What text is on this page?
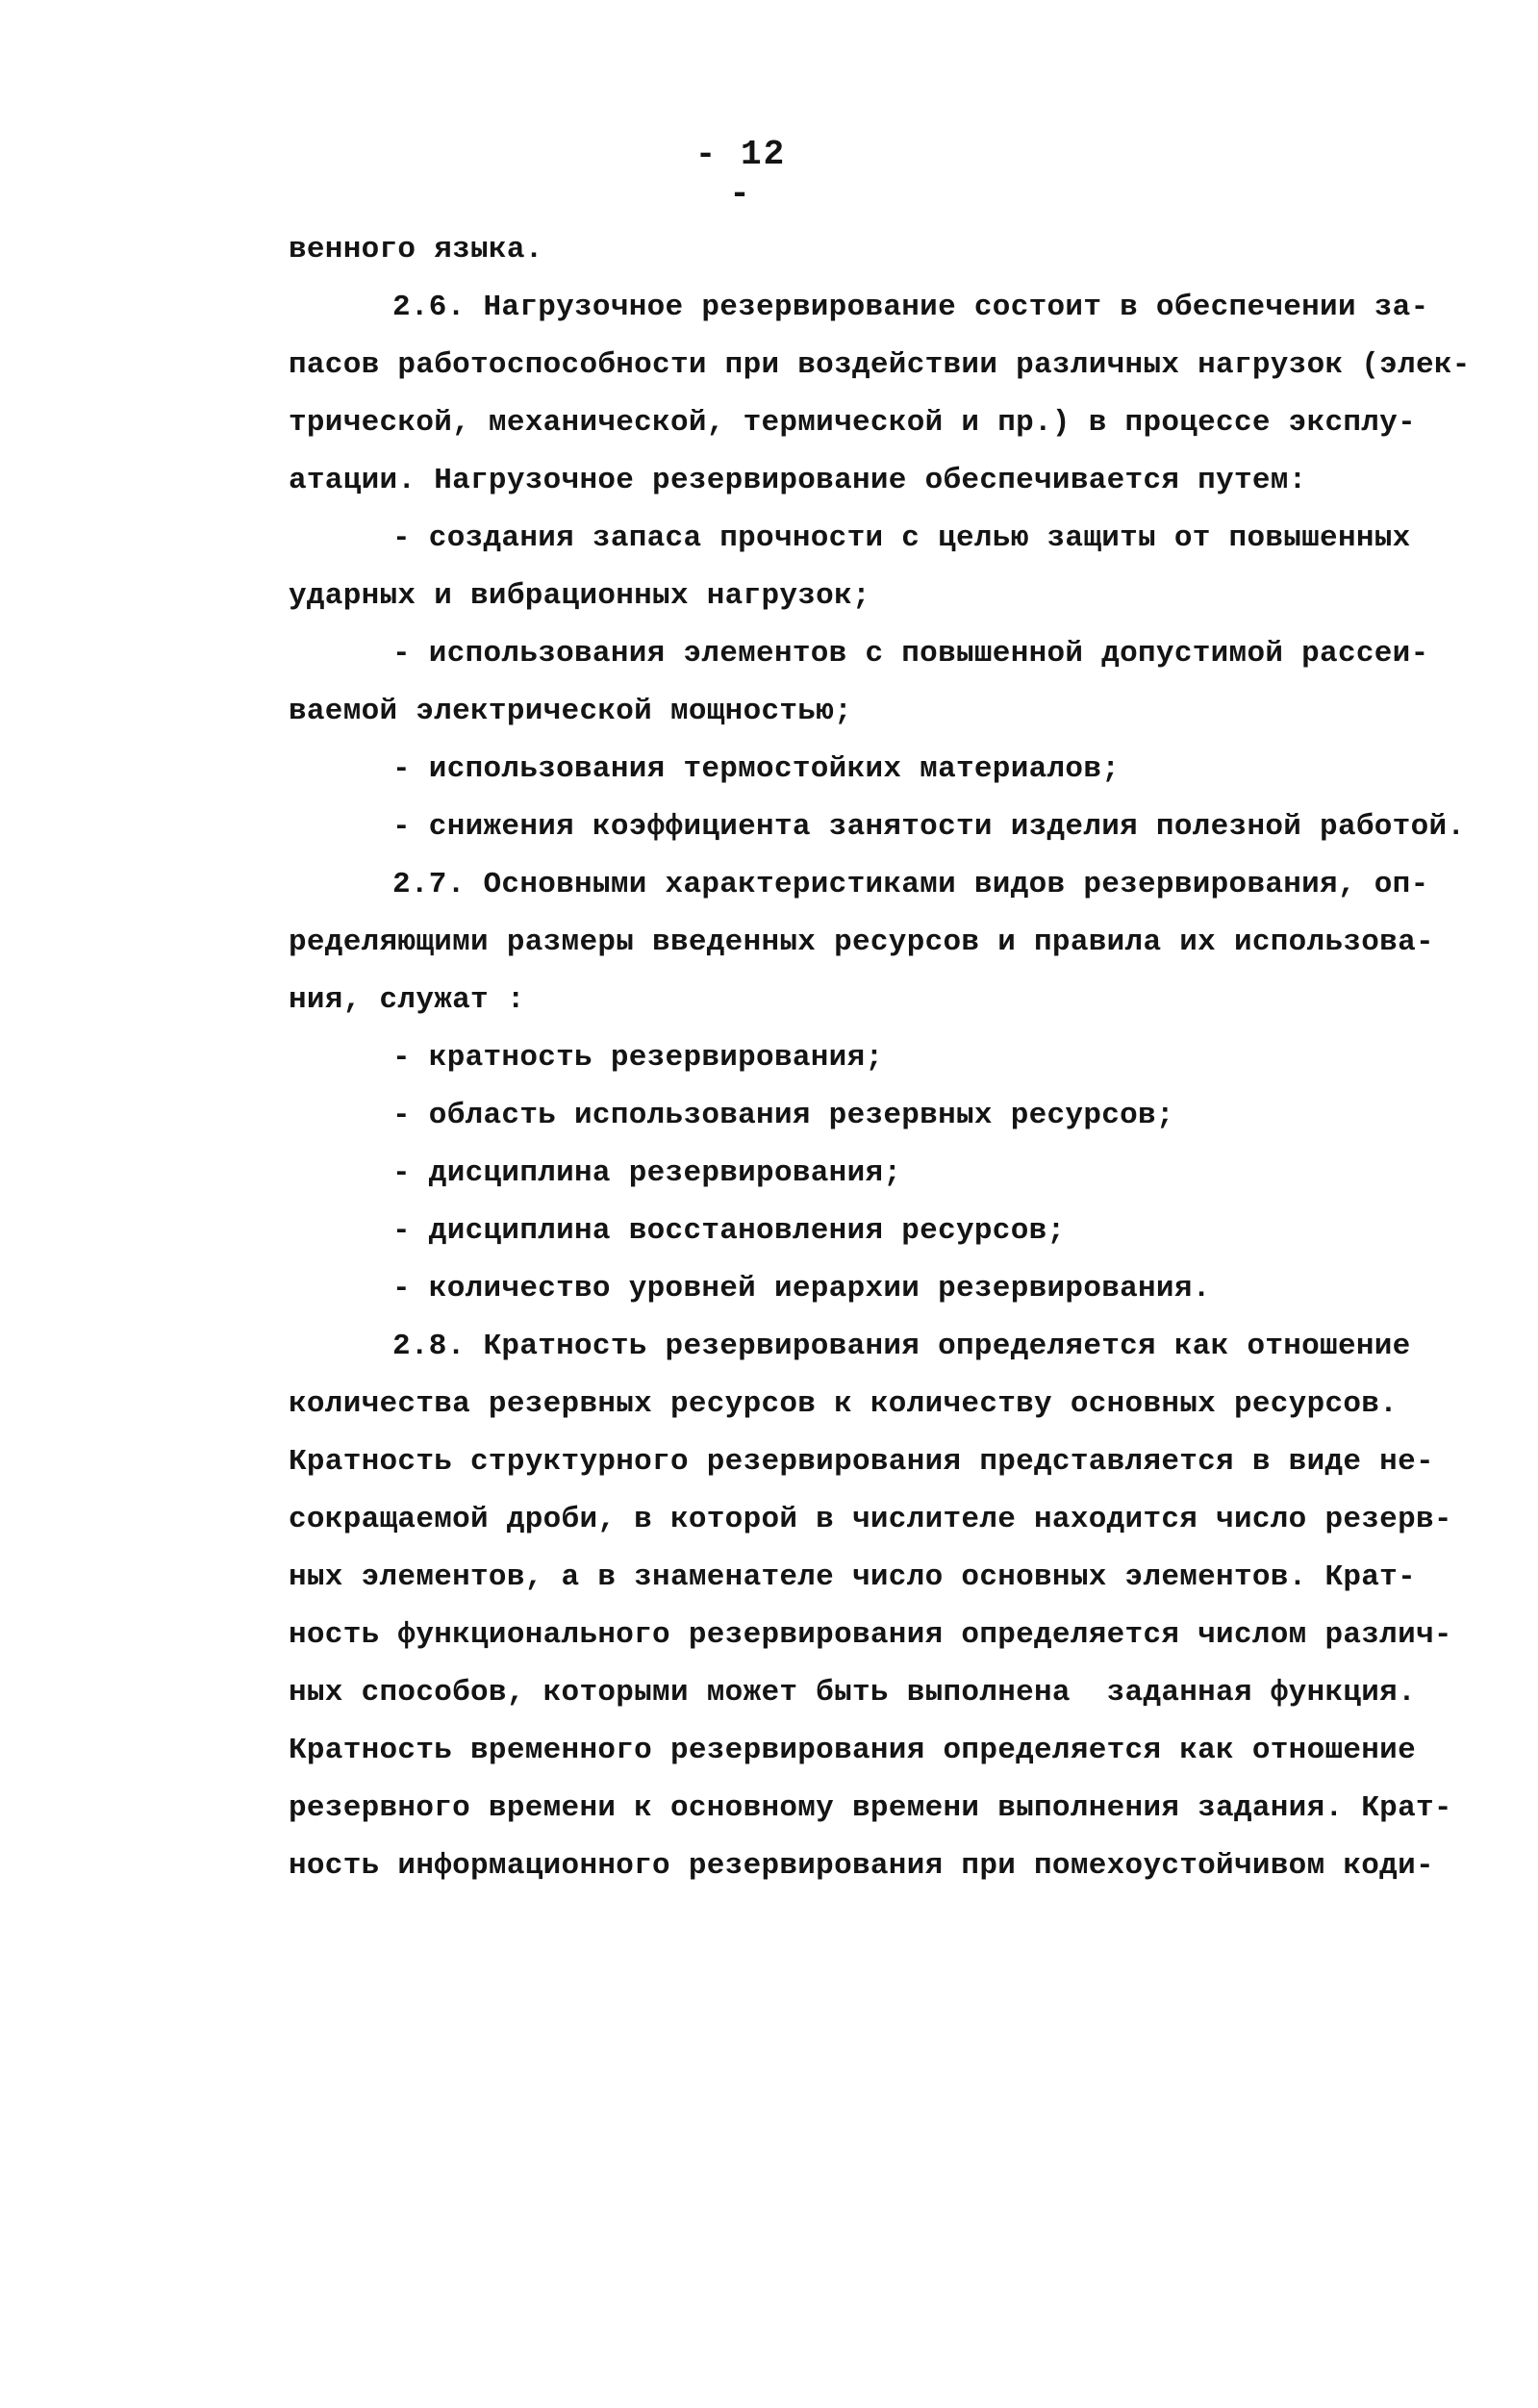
- 12 -
венного языка.
2.6. Нагрузочное резервирование состоит в обеспечении за-
пасов работоспособности при воздействии различных нагрузок (элек-
трической, механической, термической и пр.) в процессе эксплу-
атации. Нагрузочное резервирование обеспечивается путем:
- создания запаса прочности с целью защиты от повышенных
ударных и вибрационных нагрузок;
- использования элементов с повышенной допустимой рассеи-
ваемой электрической мощностью;
- использования термостойких материалов;
- снижения коэффициента занятости изделия полезной работой.
2.7. Основными характеристиками видов резервирования, оп-
ределяющими размеры введенных ресурсов и правила их использова-
ния, служат :
- кратность резервирования;
- область использования резервных ресурсов;
- дисциплина резервирования;
- дисциплина восстановления ресурсов;
- количество уровней иерархии резервирования.
2.8. Кратность резервирования определяется как отношение
количества резервных ресурсов к количеству основных ресурсов.
Кратность структурного резервирования представляется в виде не-
сокращаемой дроби, в которой в числителе находится число резерв-
ных элементов, а в знаменателе число основных элементов. Крат-
ность функционального резервирования определяется числом различ-
ных способов, которыми может быть выполнена  заданная функция.
Кратность временного резервирования определяется как отношение
резервного времени к основному времени выполнения задания. Крат-
ность информационного резервирования при помехоустойчивом коди-
